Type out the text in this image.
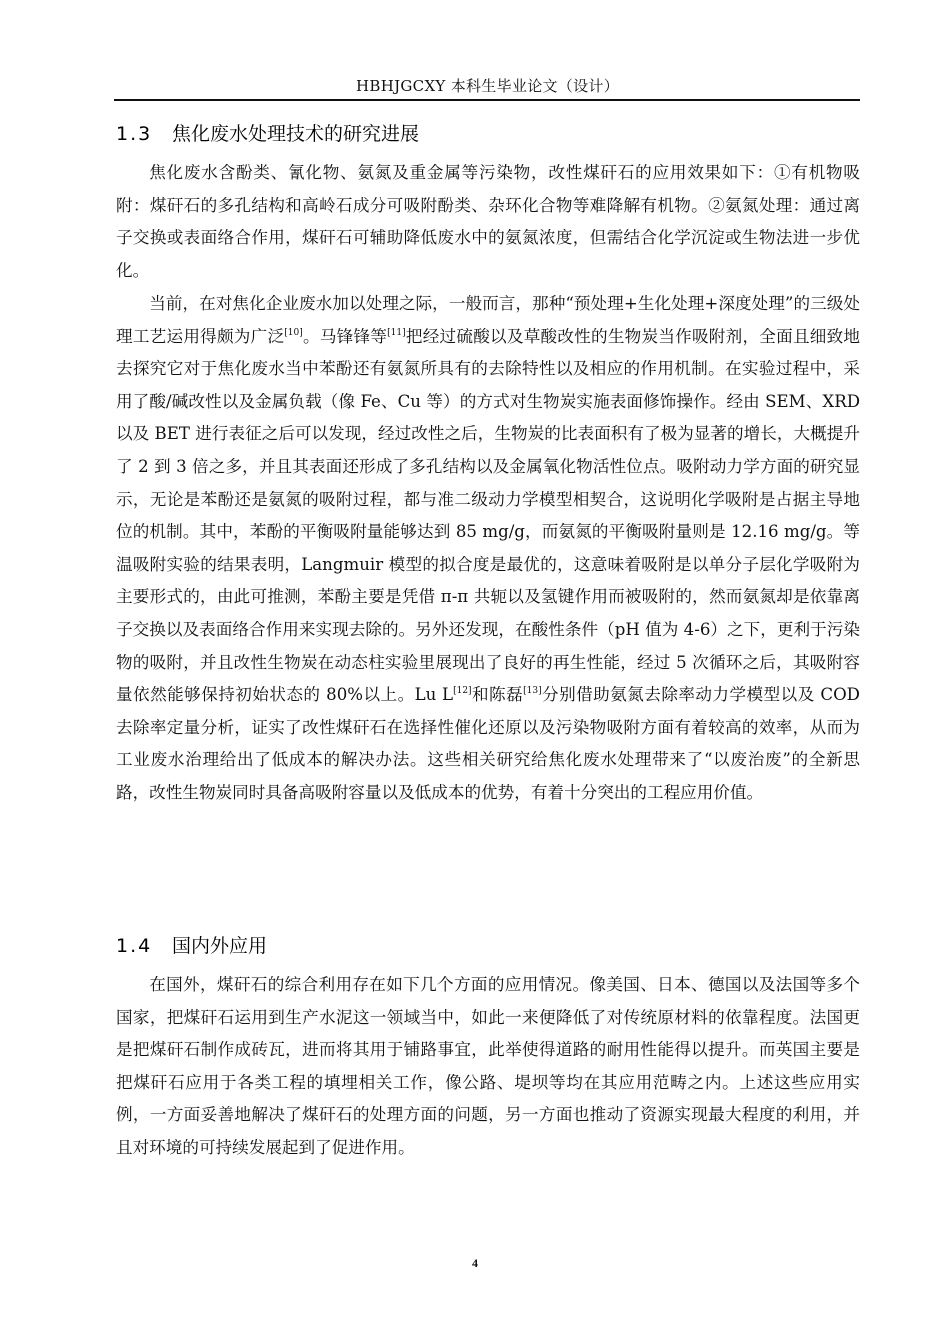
HBHJGCXY 本科生毕业论文（设计）
1.3 焦化废水处理技术的研究进展
焦化废水含酚类、氰化物、氨氮及重金属等污染物，改性煤矸石的应用效果如下：①有机物吸附：煤矸石的多孔结构和高岭石成分可吸附酚类、杂环化合物等难降解有机物。②氨氮处理：通过离子交换或表面络合作用，煤矸石可辅助降低废水中的氨氮浓度，但需结合化学沉淀或生物法进一步优化。
当前，在对焦化企业废水加以处理之际，一般而言，那种“预处理+生化处理+深度处理”的三级处理工艺运用得颇为广泛[10]。马锋锋等[11]把经过硫酸以及草酸改性的生物炭当作吸附剂，全面且细致地去探究它对于焦化废水当中苯酚还有氨氮所具有的去除特性以及相应的作用机制。在实验过程中，采用了酸/碱改性以及金属负载（像 Fe、Cu 等）的方式对生物炭实施表面修饰操作。经由 SEM、XRD 以及 BET 进行表征之后可以发现，经过改性之后，生物炭的比表面积有了极为显著的增长，大概提升了 2 到 3 倍之多，并且其表面还形成了多孔结构以及金属氧化物活性位点。吸附动力学方面的研究显示，无论是苯酚还是氨氮的吸附过程，都与准二级动力学模型相契合，这说明化学吸附是占据主导地位的机制。其中，苯酚的平衡吸附量能够达到 85 mg/g，而氨氮的平衡吸附量则是 12.16 mg/g。等温吸附实验的结果表明，Langmuir 模型的拟合度是最优的，这意味着吸附是以单分子层化学吸附为主要形式的，由此可推测，苯酚主要是凭借 π-π 共轭以及氢键作用而被吸附的，然而氨氮却是依靠离子交换以及表面络合作用来实现去除的。另外还发现，在酸性条件（pH 值为 4-6）之下，更利于污染物的吸附，并且改性生物炭在动态柱实验里展现出了良好的再生性能，经过 5 次循环之后，其吸附容量依然能够保持初始状态的 80%以上。Lu L[12]和陈磊[13]分别借助氨氮去除率动力学模型以及 COD 去除率定量分析，证实了改性煤矸石在选择性催化还原以及污染物吸附方面有着较高的效率，从而为工业废水治理给出了低成本的解决办法。这些相关研究给焦化废水处理带来了“以废治废”的全新思路，改性生物炭同时具备高吸附容量以及低成本的优势，有着十分突出的工程应用价值。
1.4 国内外应用
在国外，煤矸石的综合利用存在如下几个方面的应用情况。像美国、日本、德国以及法国等多个国家，把煤矸石运用到生产水泥这一领域当中，如此一来便降低了对传统原材料的依靠程度。法国更是把煤矸石制作成砖瓦，进而将其用于铺路事宜，此举使得道路的耐用性能得以提升。而英国主要是把煤矸石应用于各类工程的填埋相关工作，像公路、堤坝等均在其应用范畴之内。上述这些应用实例，一方面妥善地解决了煤矸石的处理方面的问题，另一方面也推动了资源实现最大程度的利用，并且对环境的可持续发展起到了促进作用。
4
